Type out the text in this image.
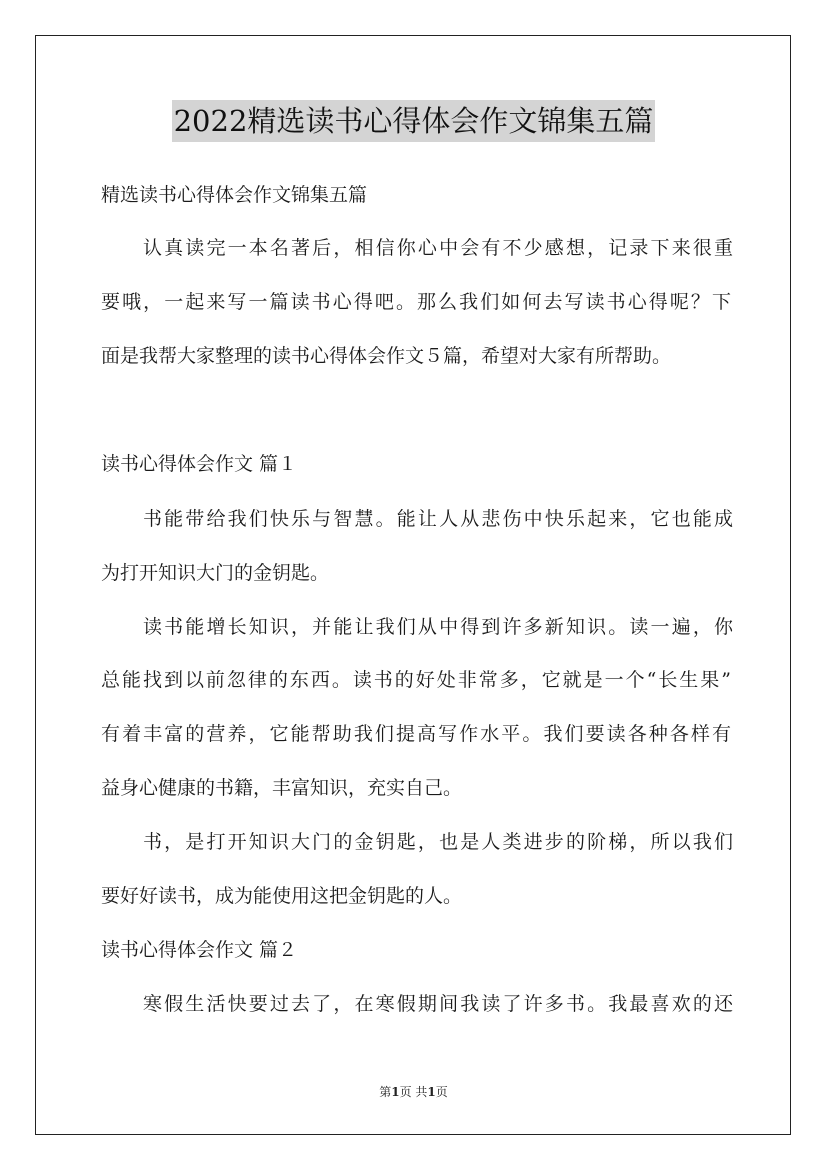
2022精选读书心得体会作文锦集五篇
精选读书心得体会作文锦集五篇
认真读完一本名著后，相信你心中会有不少感想，记录下来很重
要哦，一起来写一篇读书心得吧。那么我们如何去写读书心得呢？下
面是我帮大家整理的读书心得体会作文５篇，希望对大家有所帮助。
读书心得体会作文 篇１
书能带给我们快乐与智慧。能让人从悲伤中快乐起来，它也能成
为打开知识大门的金钥匙。
读书能增长知识，并能让我们从中得到许多新知识。读一遍，你
总能找到以前忽律的东西。读书的好处非常多，它就是一个“长生果”
有着丰富的营养，它能帮助我们提高写作水平。我们要读各种各样有
益身心健康的书籍，丰富知识，充实自己。
书，是打开知识大门的金钥匙，也是人类进步的阶梯，所以我们
要好好读书，成为能使用这把金钥匙的人。
读书心得体会作文 篇２
寒假生活快要过去了，在寒假期间我读了许多书。我最喜欢的还
第1页 共1页
